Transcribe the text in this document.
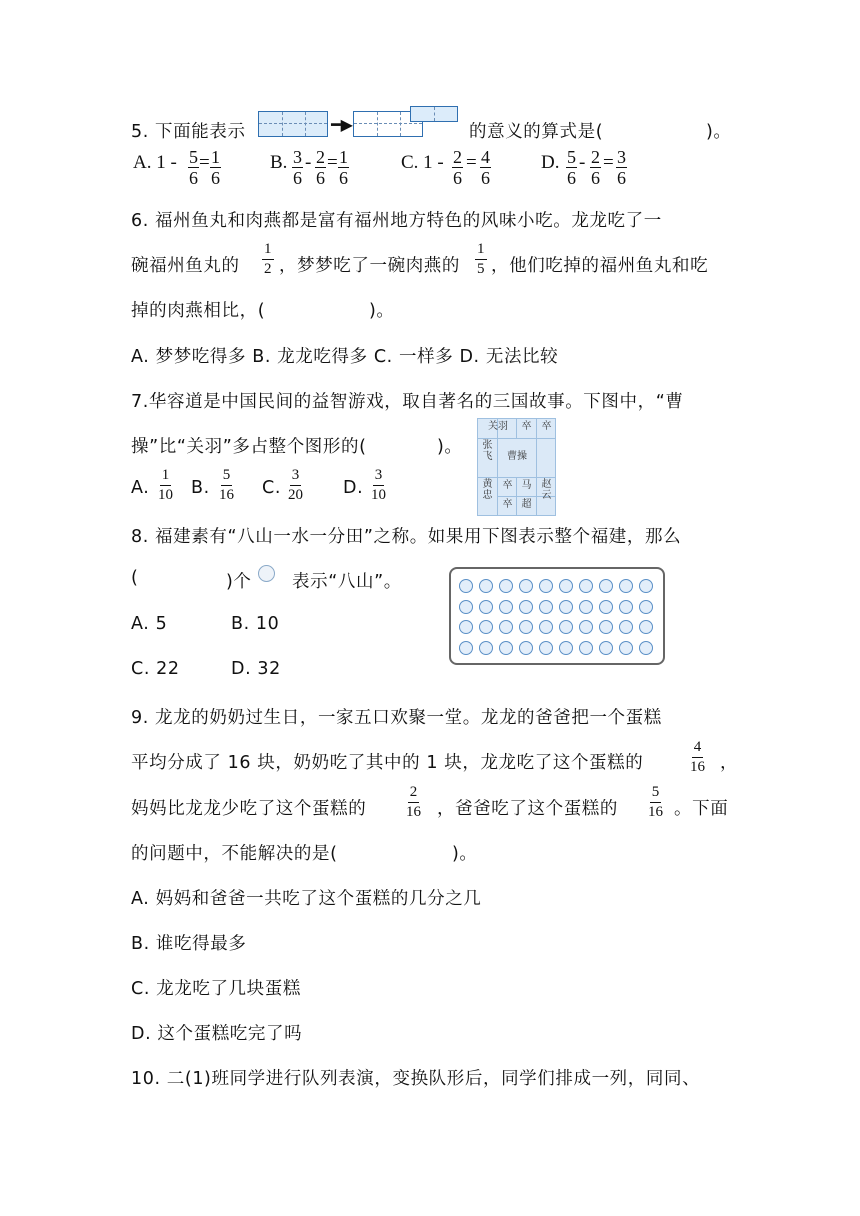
5. 下面能表示	━▶	的意义的算式是(	)。
A. $1 - \frac{5}{6} = \frac{1}{6}$	B. $\frac{3}{6} - \frac{2}{6} = \frac{1}{6}$	C. $1 - \frac{2}{6} = \frac{4}{6}$	D. $\frac{5}{6} - \frac{2}{6} = \frac{3}{6}$
6. 福州鱼丸和肉燕都是富有福州地方特色的风味小吃。龙龙吃了一
碗福州鱼丸的 $\frac{1}{2}$ ，梦梦吃了一碗肉燕的 $\frac{1}{5}$ ，他们吃掉的福州鱼丸和吃
掉的肉燕相比，(	)。
A. 梦梦吃得多 B. 龙龙吃得多 C. 一样多 D. 无法比较
7.华容道是中国民间的益智游戏，取自著名的三国故事。下图中，“曹
操”比“关羽”多占整个图形的(	)。
关羽	卒	卒
张
飞	曹操
黄
忠
卒 马	赵
云
卒 超
A. $\frac{1}{10} B$. $\frac{5}{16} C$. $\frac{3}{20} D$. $\frac{3}{10}$
8. 福建素有“八山一水一分田”之称。如果用下图表示整个福建，那么
(	)个 表示“八山”。
A. 5	B. 10
C. 22	D. 32
9. 龙龙的奶奶过生日，一家五口欢聚一堂。龙龙的爸爸把一个蛋糕
平均分成了 16 块，奶奶吃了其中的 1 块，龙龙吃了这个蛋糕的	$\frac{4}{16}$ ，
妈妈比龙龙少吃了这个蛋糕的	$\frac{2}{16}$ ，爸爸吃了这个蛋糕的 $\frac{5}{16}$ 。下面
的问题中，不能解决的是(	)。
A. 妈妈和爸爸一共吃了这个蛋糕的几分之几
B. 谁吃得最多
C. 龙龙吃了几块蛋糕
D. 这个蛋糕吃完了吗
10. 二(1)班同学进行队列表演，变换队形后，同学们排成一列，同同、
